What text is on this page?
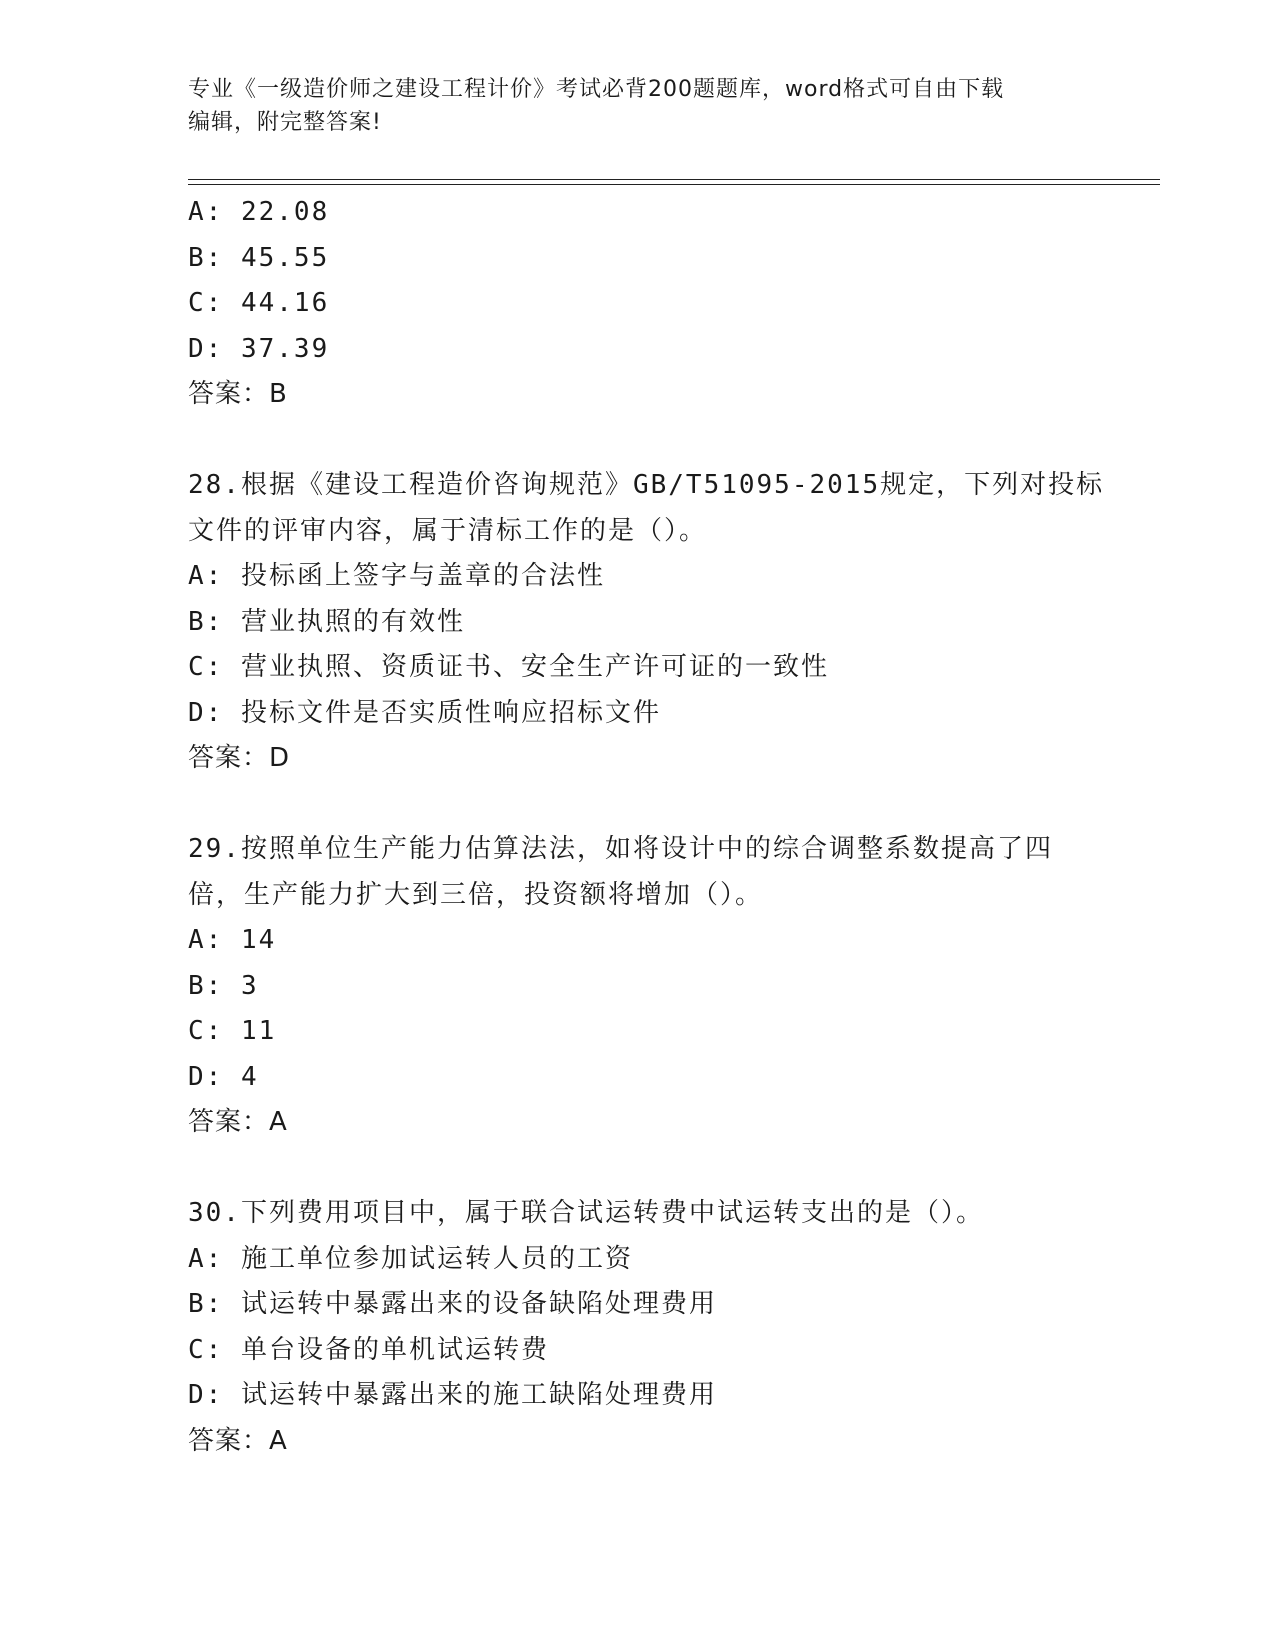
专业《一级造价师之建设工程计价》考试必背200题题库，word格式可自由下载
编辑，附完整答案!
A: 22.08
B: 45.55
C: 44.16
D: 37.39
答案：B
28.根据《建设工程造价咨询规范》GB/T51095-2015规定，下列对投标
文件的评审内容，属于清标工作的是（）。
A: 投标函上签字与盖章的合法性
B: 营业执照的有效性
C: 营业执照、资质证书、安全生产许可证的一致性
D: 投标文件是否实质性响应招标文件
答案：D
29.按照单位生产能力估算法法，如将设计中的综合调整系数提高了四
倍，生产能力扩大到三倍，投资额将增加（）。
A: 14
B: 3
C: 11
D: 4
答案：A
30.下列费用项目中，属于联合试运转费中试运转支出的是（）。
A: 施工单位参加试运转人员的工资
B: 试运转中暴露出来的设备缺陷处理费用
C: 单台设备的单机试运转费
D: 试运转中暴露出来的施工缺陷处理费用
答案：A
